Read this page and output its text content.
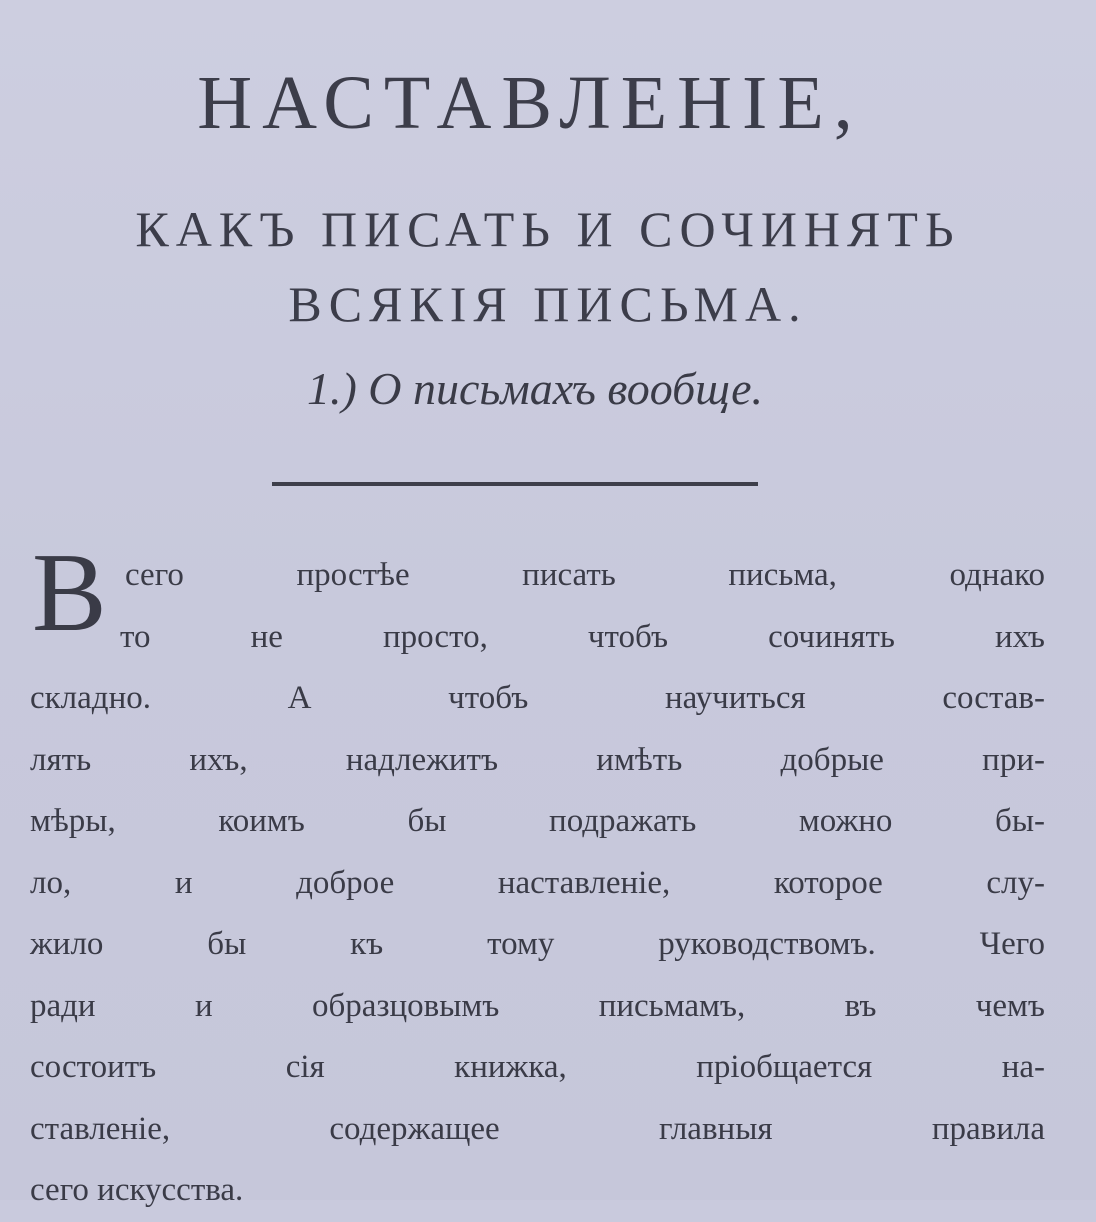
НАСТАВЛЕНІЕ,
КАКЪ ПИСАТЬ И СОЧИНЯТЬ
ВСЯКІЯ ПИСЬМА.
1.) О письмахъ вообще.
В сего простѣе писать письма, однако
то не просто, чтобъ сочинять ихъ
складно. А чтобъ научиться состав-
лять ихъ, надлежитъ имѣть добрые при-
мѣры, коимъ бы подражать можно бы-
ло, и доброе наставленіе, которое слу-
жило бы къ тому руководствомъ. Чего
ради и образцовымъ письмамъ, въ чемъ
состоитъ сія книжка, пріобщается на-
ставленіе, содержащее главныя правила
сего искусства.
